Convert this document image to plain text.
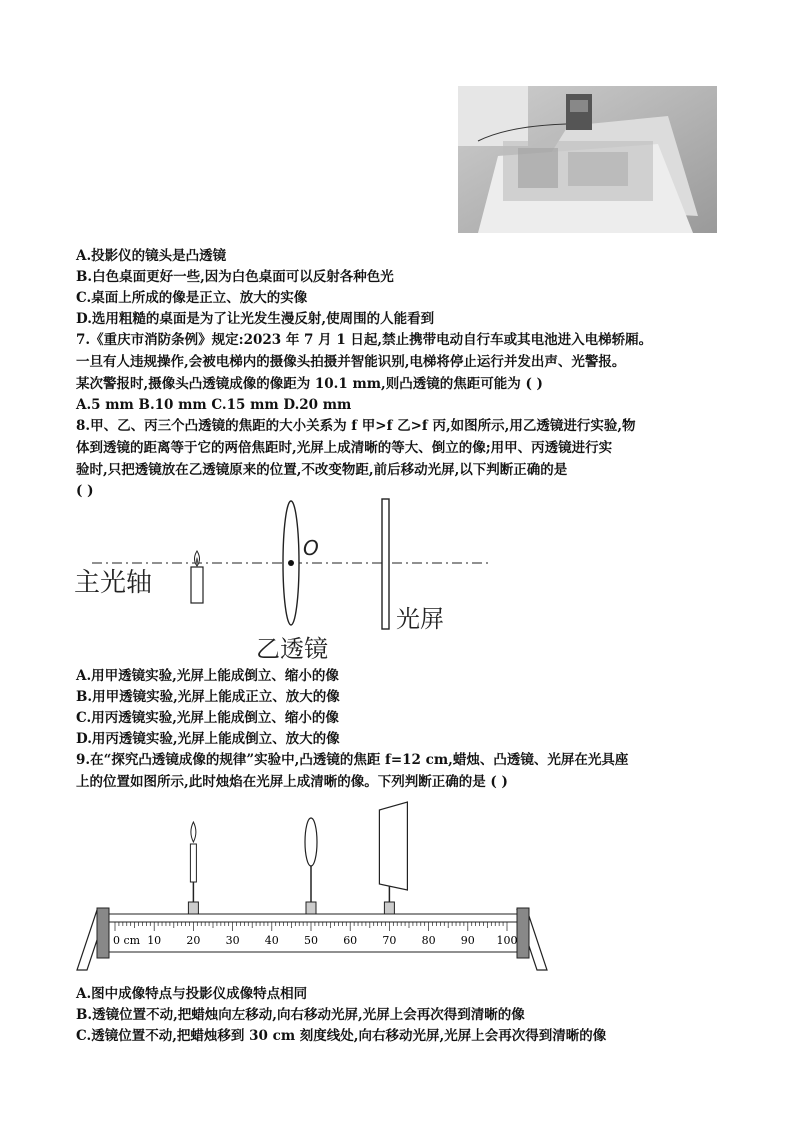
A.投影仪的镜头是凸透镜
B.白色桌面更好一些,因为白色桌面可以反射各种色光
C.桌面上所成的像是正立、放大的实像
D.选用粗糙的桌面是为了让光发生漫反射,使周围的人能看到
7.《重庆市消防条例》规定:2023 年 7 月 1 日起,禁止携带电动自行车或其电池进入电梯轿厢。
一旦有人违规操作,会被电梯内的摄像头拍摄并智能识别,电梯将停止运行并发出声、光警报。
某次警报时,摄像头凸透镜成像的像距为 10.1 mm,则凸透镜的焦距可能为 ( )
A.5 mm B.10 mm C.15 mm D.20 mm
8.甲、乙、丙三个凸透镜的焦距的大小关系为 f 甲>f 乙>f 丙,如图所示,用乙透镜进行实验,物
体到透镜的距离等于它的两倍焦距时,光屏上成清晰的等大、倒立的像;用甲、丙透镜进行实
验时,只把透镜放在乙透镜原来的位置,不改变物距,前后移动光屏,以下判断正确的是
( )
主光轴
O
乙透镜
光屏
A.用甲透镜实验,光屏上能成倒立、缩小的像
B.用甲透镜实验,光屏上能成正立、放大的像
C.用丙透镜实验,光屏上能成倒立、缩小的像
D.用丙透镜实验,光屏上能成倒立、放大的像
9.在“探究凸透镜成像的规律”实验中,凸透镜的焦距 f=12 cm,蜡烛、凸透镜、光屏在光具座
上的位置如图所示,此时烛焰在光屏上成清晰的像。下列判断正确的是 ( )
0 cm 10 20 30 40 50 60 70 80 90 100
A.图中成像特点与投影仪成像特点相同
B.透镜位置不动,把蜡烛向左移动,向右移动光屏,光屏上会再次得到清晰的像
C.透镜位置不动,把蜡烛移到 30 cm 刻度线处,向右移动光屏,光屏上会再次得到清晰的像
